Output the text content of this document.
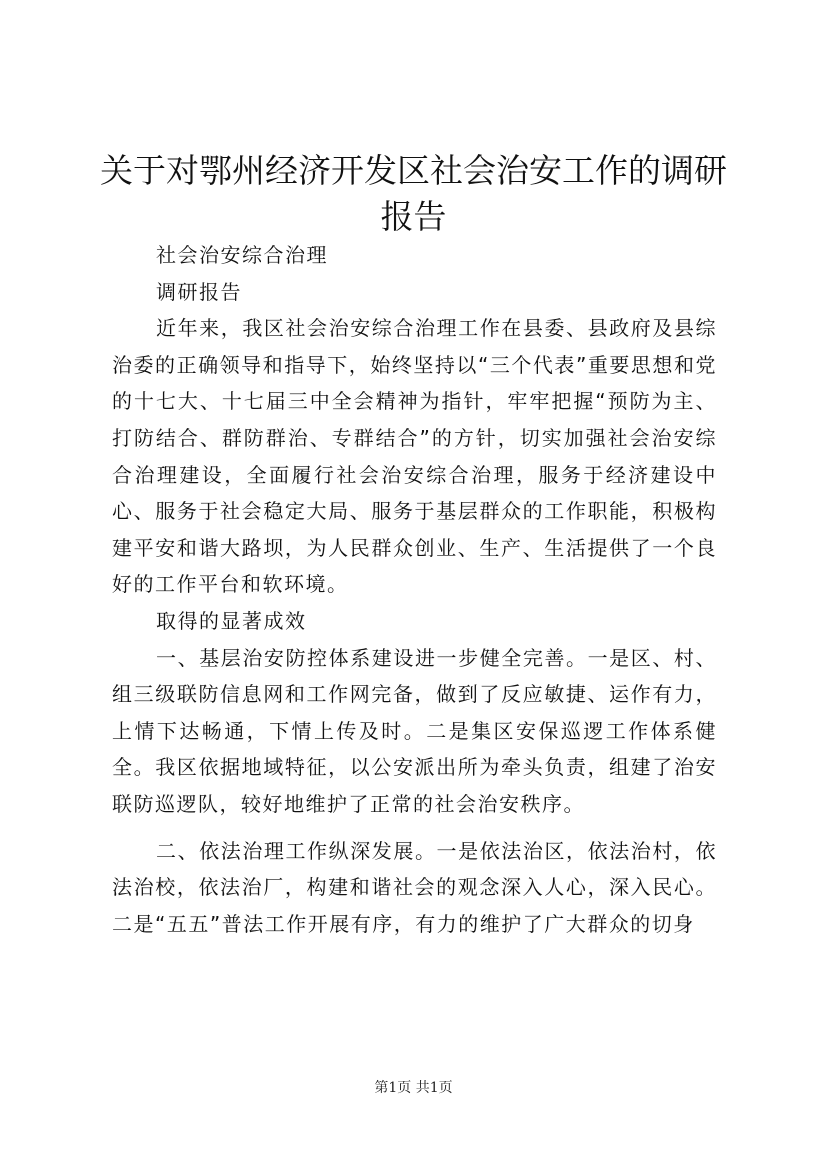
关于对鄂州经济开发区社会治安工作的调研报告

社会治安综合治理

调研报告

近年来，我区社会治安综合治理工作在县委、县政府及县综治委的正确领导和指导下，始终坚持以“三个代表”重要思想和党的十七大、十七届三中全会精神为指针，牢牢把握“预防为主、打防结合、群防群治、专群结合”的方针，切实加强社会治安综合治理建设，全面履行社会治安综合治理，服务于经济建设中心、服务于社会稳定大局、服务于基层群众的工作职能，积极构建平安和谐大路坝，为人民群众创业、生产、生活提供了一个良好的工作平台和软环境。

取得的显著成效

一、基层治安防控体系建设进一步健全完善。一是区、村、组三级联防信息网和工作网完备，做到了反应敏捷、运作有力，上情下达畅通，下情上传及时。二是集区安保巡逻工作体系健全。我区依据地域特征，以公安派出所为牵头负责，组建了治安联防巡逻队，较好地维护了正常的社会治安秩序。

二、依法治理工作纵深发展。一是依法治区，依法治村，依法治校，依法治厂，构建和谐社会的观念深入人心，深入民心。二是“五五”普法工作开展有序，有力的维护了广大群众的切身

第1页 共1页
